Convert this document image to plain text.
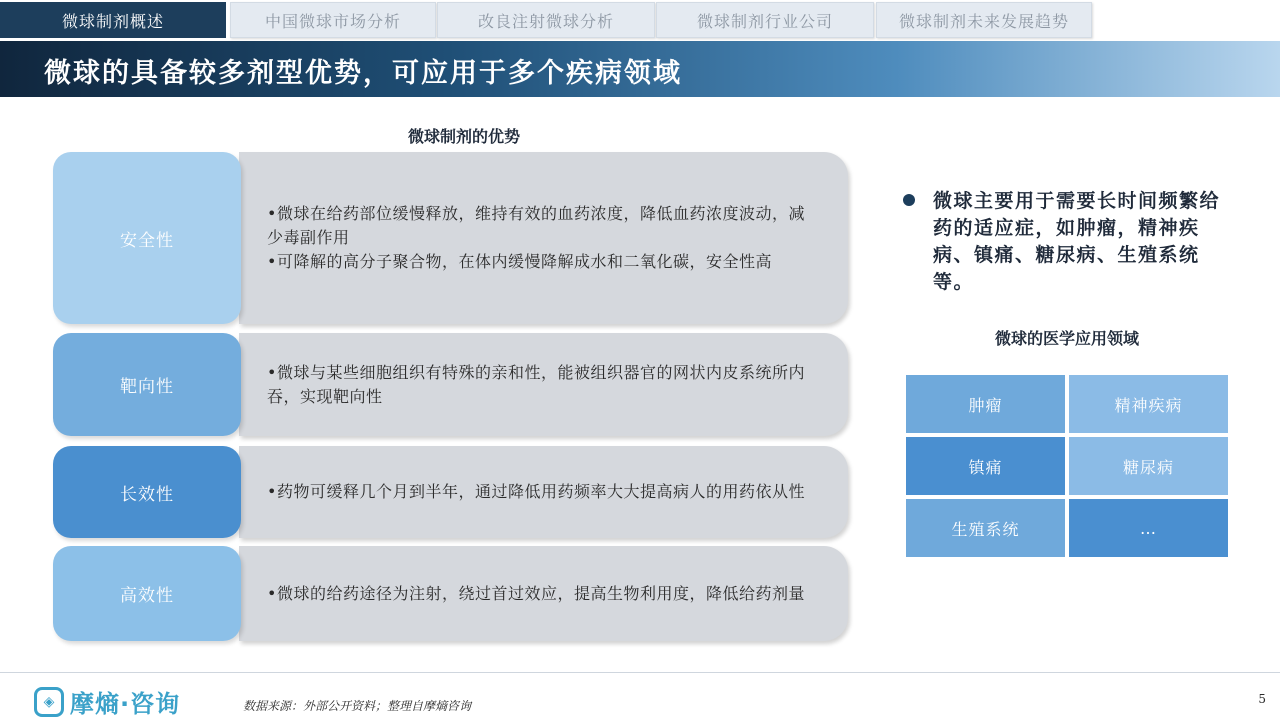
微球制剂概述	中国微球市场分析	改良注射微球分析	微球制剂行业公司	微球制剂未来发展趋势
微球的具备较多剂型优势，可应用于多个疾病领域
微球制剂的优势

•微球在给药部位缓慢释放，维持有效的血药浓度，降低血药浓度波动，减少毒副作用

•可降解的高分子聚合物，在体内缓慢降解成水和二氧化碳，安全性高

安全性

•微球与某些细胞组织有特殊的亲和性，能被组织器官的网状内皮系统所内吞，实现靶向性

靶向性

•药物可缓释几个月到半年，通过降低用药频率大大提高病人的用药依从性

长效性

•微球的给药途径为注射，绕过首过效应，提高生物利用度，降低给药剂量

高效性
微球主要用于需要长时间频繁给药的适应症，如肿瘤，精神疾病、镇痛、糖尿病、生殖系统等。
微球的医学应用领域
肿瘤	精神疾病
镇痛	糖尿病
生殖系统	…
◈ 摩熵·咨询	数据来源：外部公开资料；整理自摩熵咨询	5
